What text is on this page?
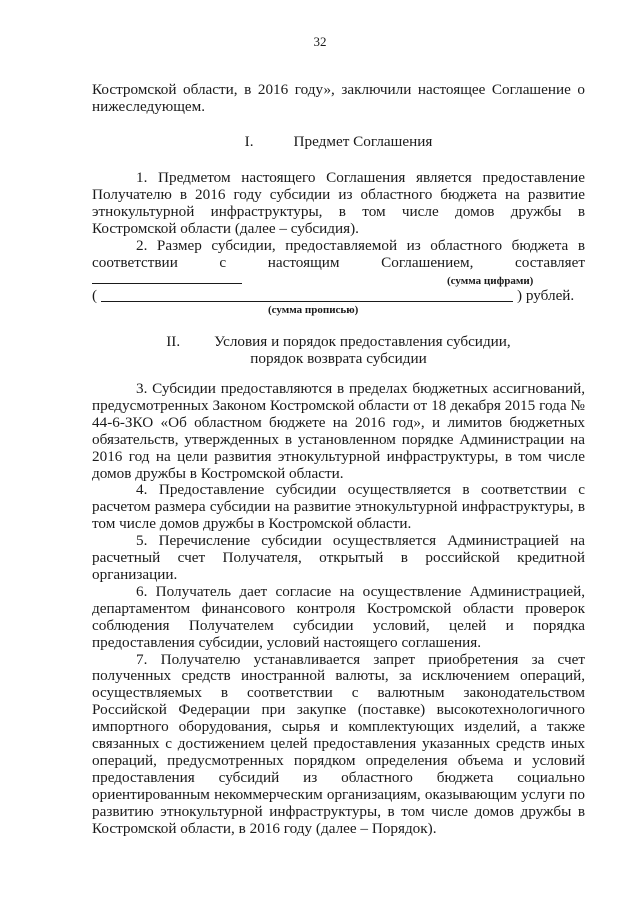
32
Костромской области, в 2016 году», заключили настоящее Соглашение о нижеследующем.
I.	Предмет Соглашения

1. Предметом настоящего Соглашения является предоставление Получателю в 2016 году субсидии из областного бюджета на развитие этнокультурной инфраструктуры, в том числе домов дружбы в Костромской области (далее – субсидия).

2. Размер субсидии, предоставляемой из областного бюджета в соответствии с настоящим Соглашением, составляет

(сумма цифрами)
(	) рублей.
(сумма прописью)
II. Условия и порядок предоставления субсидии,
порядок возврата субсидии

3. Субсидии предоставляются в пределах бюджетных ассигнований, предусмотренных Законом Костромской области от 18 декабря 2015 года № 44-6-ЗКО «Об областном бюджете на 2016 год», и лимитов бюджетных обязательств, утвержденных в установленном порядке Администрации на 2016 год на цели развития этнокультурной инфраструктуры, в том числе домов дружбы в Костромской области.

4. Предоставление субсидии осуществляется в соответствии с расчетом размера субсидии на развитие этнокультурной инфраструктуры, в том числе домов дружбы в Костромской области.

5. Перечисление субсидии осуществляется Администрацией на расчетный счет Получателя, открытый в российской кредитной организации.

6. Получатель дает согласие на осуществление Администрацией, департаментом финансового контроля Костромской области проверок соблюдения Получателем субсидии условий, целей и порядка предоставления субсидии, условий настоящего соглашения.

7. Получателю устанавливается запрет приобретения за счет полученных средств иностранной валюты, за исключением операций, осуществляемых в соответствии с валютным законодательством Российской Федерации при закупке (поставке) высокотехнологичного импортного оборудования, сырья и комплектующих изделий, а также связанных с достижением целей предоставления указанных средств иных операций, предусмотренных порядком определения объема и условий предоставления субсидий из областного бюджета социально ориентированным некоммерческим организациям, оказывающим услуги по развитию этнокультурной инфраструктуры, в том числе домов дружбы в Костромской области, в 2016 году (далее – Порядок).
